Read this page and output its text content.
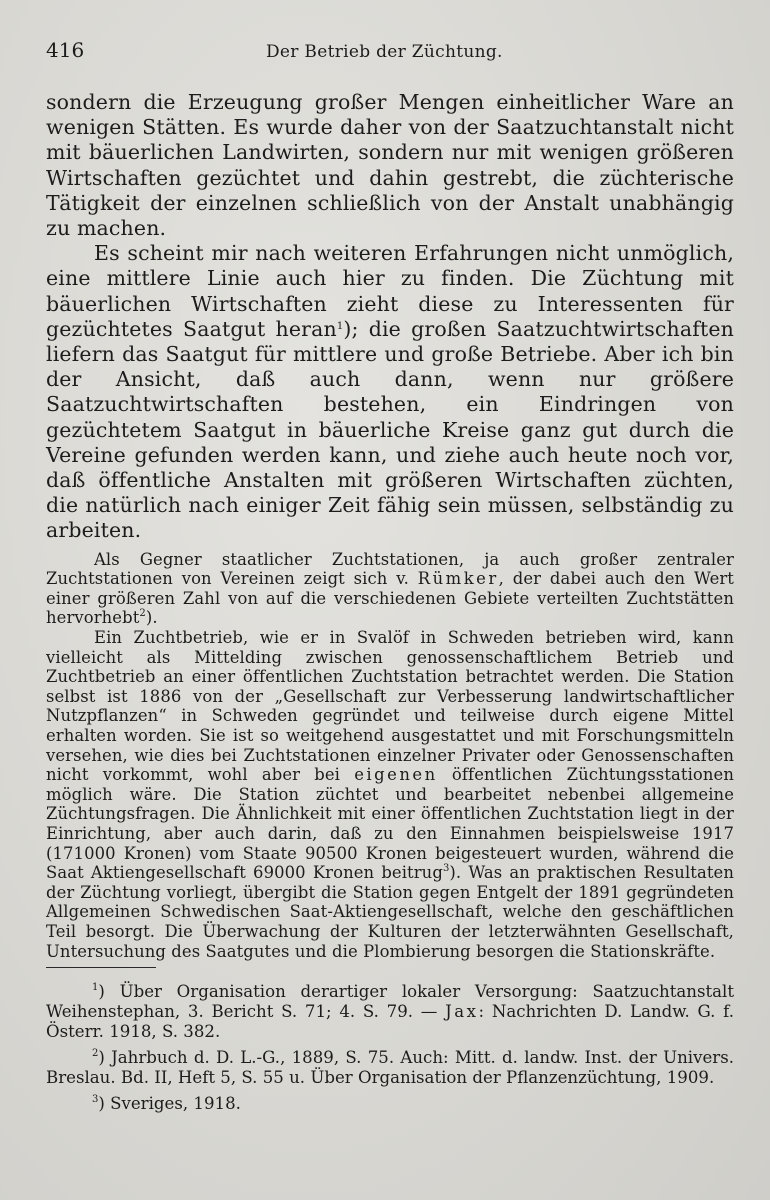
416	Der Betrieb der Züchtung.

sondern die Erzeugung großer Mengen einheitlicher Ware an wenigen Stätten. Es wurde daher von der Saatzuchtanstalt nicht mit bäuerlichen Landwirten, sondern nur mit wenigen größeren Wirtschaften gezüchtet und dahin gestrebt, die züchterische Tätigkeit der einzelnen schließlich von der Anstalt unabhängig zu machen.

Es scheint mir nach weiteren Erfahrungen nicht unmöglich, eine mittlere Linie auch hier zu finden. Die Züchtung mit bäuerlichen Wirtschaften zieht diese zu Interessenten für gezüchtetes Saatgut heran$^1$); die großen Saatzuchtwirtschaften liefern das Saatgut für mittlere und große Betriebe. Aber ich bin der Ansicht, daß auch dann, wenn nur größere Saatzuchtwirtschaften bestehen, ein Eindringen von gezüchtetem Saatgut in bäuerliche Kreise ganz gut durch die Vereine gefunden werden kann, und ziehe auch heute noch vor, daß öffentliche Anstalten mit größeren Wirtschaften züchten, die natürlich nach einiger Zeit fähig sein müssen, selbständig zu arbeiten.

Als Gegner staatlicher Zuchtstationen, ja auch großer zentraler Zuchtstationen von Vereinen zeigt sich v. Rümker, der dabei auch den Wert einer größeren Zahl von auf die verschiedenen Gebiete verteilten Zuchtstätten hervorhebt$^2$).

Ein Zuchtbetrieb, wie er in Svalöf in Schweden betrieben wird, kann vielleicht als Mittelding zwischen genossenschaftlichem Betrieb und Zuchtbetrieb an einer öffentlichen Zuchtstation betrachtet werden. Die Station selbst ist 1886 von der „Gesellschaft zur Verbesserung landwirtschaftlicher Nutzpflanzen“ in Schweden gegründet und teilweise durch eigene Mittel erhalten worden. Sie ist so weitgehend ausgestattet und mit Forschungsmitteln versehen, wie dies bei Zuchtstationen einzelner Privater oder Genossenschaften nicht vorkommt, wohl aber bei eigenen öffentlichen Züchtungsstationen möglich wäre. Die Station züchtet und bearbeitet nebenbei allgemeine Züchtungsfragen. Die Ähnlichkeit mit einer öffentlichen Zuchtstation liegt in der Einrichtung, aber auch darin, daß zu den Einnahmen beispielsweise 1917 (171000 Kronen) vom Staate 90500 Kronen beigesteuert wurden, während die Saat Aktiengesellschaft 69000 Kronen beitrug$^3$). Was an praktischen Resultaten der Züchtung vorliegt, übergibt die Station gegen Entgelt der 1891 gegründeten Allgemeinen Schwedischen Saat-Aktiengesellschaft, welche den geschäftlichen Teil besorgt. Die Überwachung der Kulturen der letzterwähnten Gesellschaft, Untersuchung des Saatgutes und die Plombierung besorgen die Stationskräfte.

$^1$) Über Organisation derartiger lokaler Versorgung: Saatzuchtanstalt Weihenstephan, 3. Bericht S. 71; 4. S. 79. — Jax: Nachrichten D. Landw. G. f. Österr. 1918, S. 382.

$^2$) Jahrbuch d. D. L.-G., 1889, S. 75. Auch: Mitt. d. landw. Inst. der Univers. Breslau. Bd. II, Heft 5, S. 55 u. Über Organisation der Pflanzenzüchtung, 1909.

$^3$) Sveriges, 1918.
